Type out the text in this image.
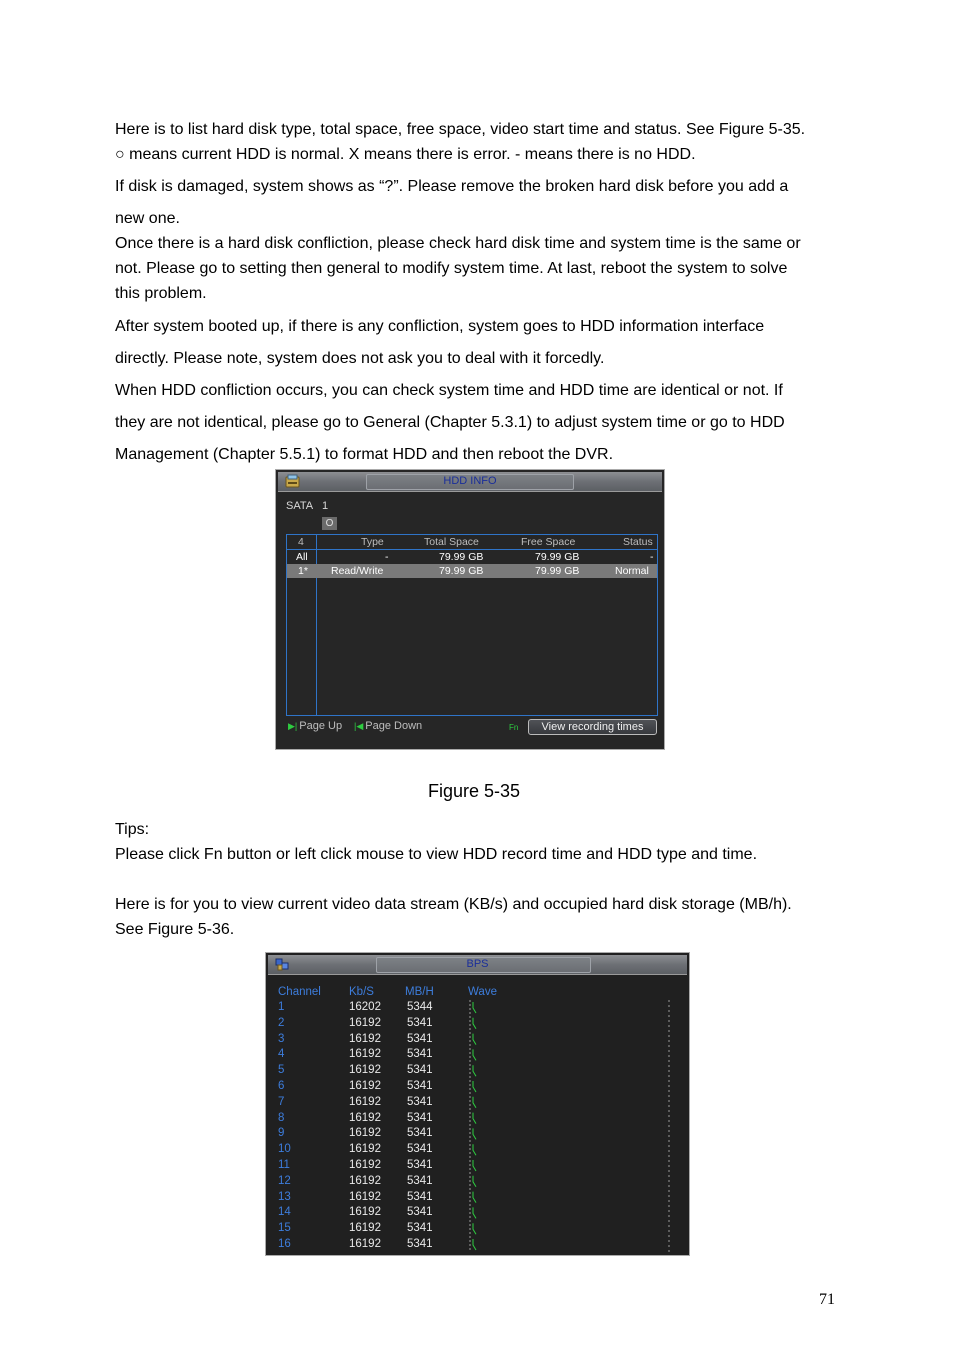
Here is to list hard disk type, total space, free space, video start time and status. See Figure 5-35.

○ means current HDD is normal. X means there is error. - means there is no HDD.

If disk is damaged, system shows as “?”. Please remove the broken hard disk before you add a

new one.

Once there is a hard disk confliction, please check hard disk time and system time is the same or

not. Please go to setting then general to modify system time. At last, reboot the system to solve

this problem.

After system booted up, if there is any confliction, system goes to HDD information interface

directly. Please note, system does not ask you to deal with it forcedly.

When HDD confliction occurs, you can check system time and HDD time are identical or not. If

they are not identical, please go to General (Chapter 5.3.1) to adjust system time or go to HDD

Management (Chapter 5.5.1) to format HDD and then reboot the DVR.

HDD INFO
SATA 1
O
4	Type	Total Space	Free Space	Status
All	-	79.99 GB	79.99 GB	-
1* Read/Write	79.99 GB	79.99 GB	Normal
▶| Page Up |◀ Page Down	Fn	View recording times
Figure 5-35

Tips:

Please click Fn button or left click mouse to view HDD record time and HDD type and time.

Here is for you to view current video data stream (KB/s) and occupied hard disk storage (MB/h).

See Figure 5-36.

BPS
Channel Kb/S	MB/H	Wave
1	16202 5344
2	16192 5341
3	16192 5341
4	16192 5341
5	16192 5341
6	16192 5341
7	16192 5341
8	16192 5341
9	16192 5341
10	16192 5341
11	16192 5341
12	16192 5341
13	16192 5341
14	16192 5341
15	16192 5341
16	16192 5341
71
